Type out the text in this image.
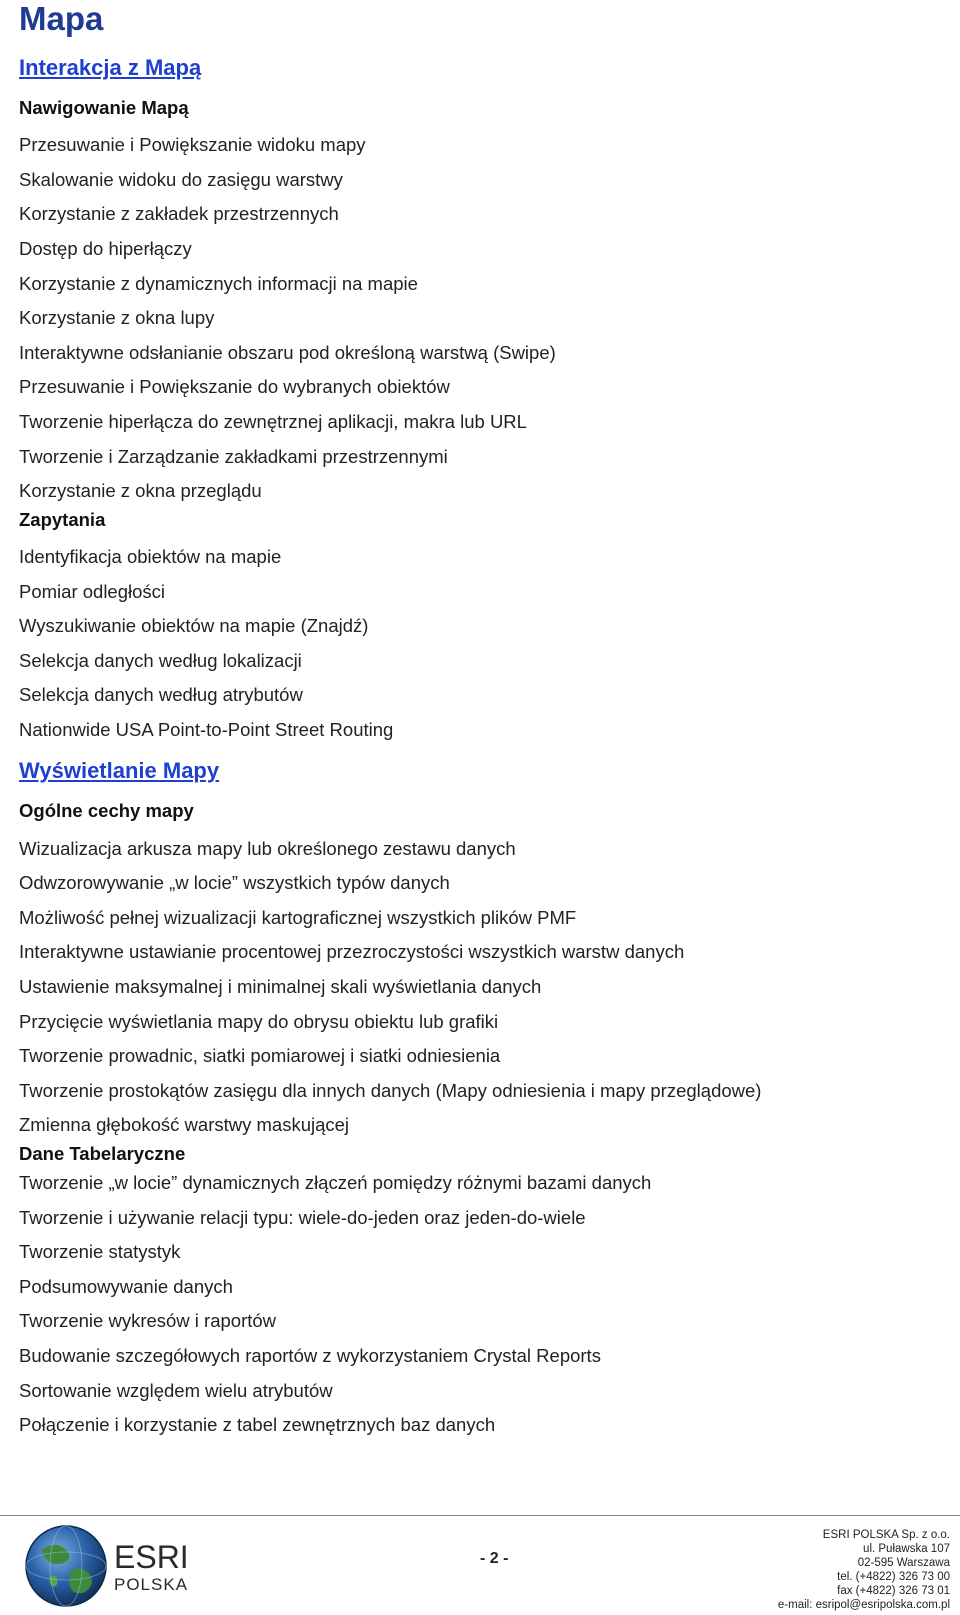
Mapa
Interakcja z Mapą
Nawigowanie Mapą
Przesuwanie i Powiększanie widoku mapy
Skalowanie widoku do zasięgu warstwy
Korzystanie z zakładek przestrzennych
Dostęp do hiperłączy
Korzystanie z dynamicznych informacji na mapie
Korzystanie z okna lupy
Interaktywne odsłanianie obszaru pod określoną warstwą (Swipe)
Przesuwanie i Powiększanie do wybranych obiektów
Tworzenie hiperłącza do zewnętrznej aplikacji, makra lub URL
Tworzenie i Zarządzanie zakładkami przestrzennymi
Korzystanie z okna przeglądu
Zapytania
Identyfikacja obiektów na mapie
Pomiar odległości
Wyszukiwanie obiektów na mapie (Znajdź)
Selekcja danych według lokalizacji
Selekcja danych według atrybutów
Nationwide USA Point-to-Point Street Routing
Wyświetlanie Mapy
Ogólne cechy mapy
Wizualizacja arkusza mapy lub określonego zestawu danych
Odwzorowywanie „w locie” wszystkich typów danych
Możliwość pełnej wizualizacji kartograficznej wszystkich plików PMF
Interaktywne ustawianie procentowej przezroczystości wszystkich warstw danych
Ustawienie maksymalnej i minimalnej skali wyświetlania danych
Przycięcie wyświetlania mapy do obrysu obiektu lub grafiki
Tworzenie prowadnic, siatki pomiarowej i siatki odniesienia
Tworzenie prostokątów zasięgu dla innych danych (Mapy odniesienia i mapy przeglądowe)
Zmienna głębokość warstwy maskującej
Dane Tabelaryczne
Tworzenie „w locie” dynamicznych złączeń pomiędzy różnymi bazami danych
Tworzenie i używanie relacji typu: wiele-do-jeden oraz jeden-do-wiele
Tworzenie statystyk
Podsumowywanie danych
Tworzenie wykresów i raportów
Budowanie szczegółowych raportów z wykorzystaniem Crystal Reports
Sortowanie względem wielu atrybutów
Połączenie i korzystanie z tabel zewnętrznych baz danych
ESRI
POLSKA
- 2 -
ESRI POLSKA Sp. z o.o.
ul. Puławska 107
02-595 Warszawa
tel. (+4822) 326 73 00
fax (+4822) 326 73 01
e-mail: esripol@esripolska.com.pl
